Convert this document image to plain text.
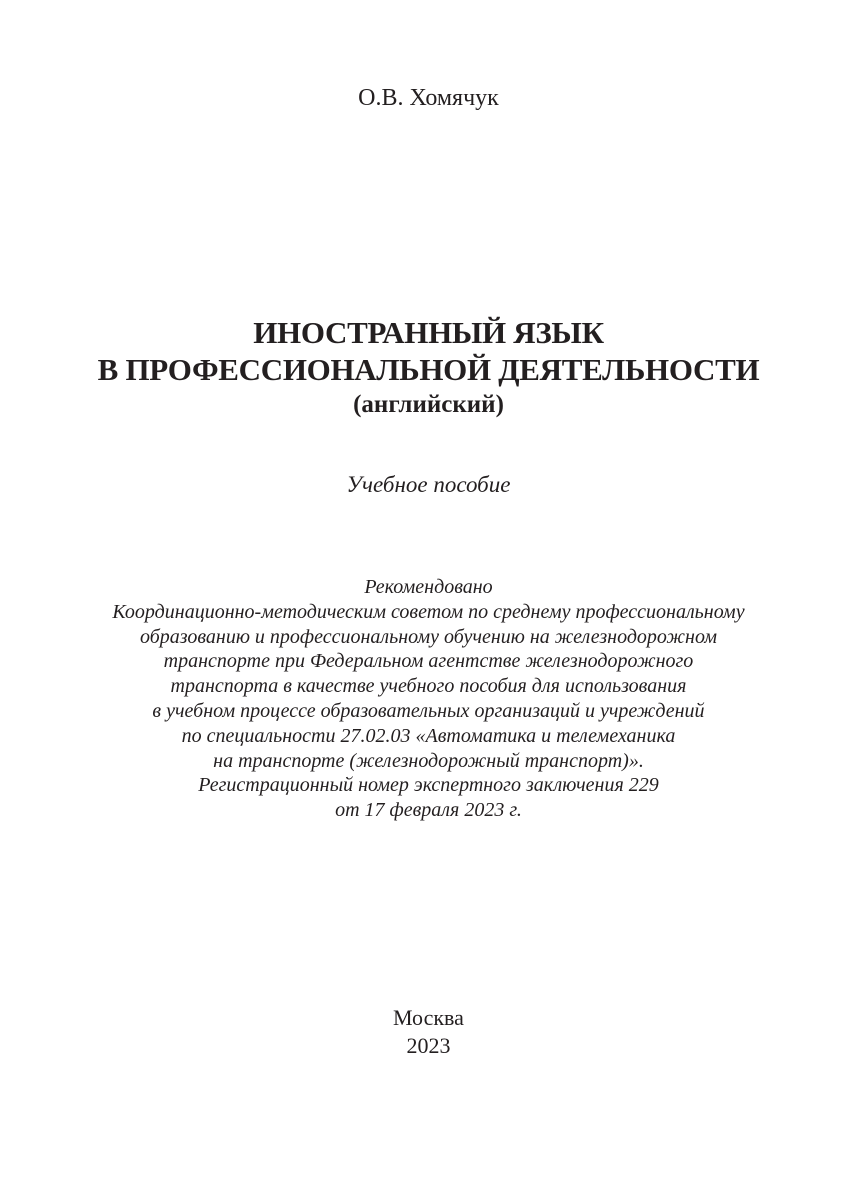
О.В. Хомячук
ИНОСТРАННЫЙ ЯЗЫК
В ПРОФЕССИОНАЛЬНОЙ ДЕЯТЕЛЬНОСТИ
(английский)
Учебное пособие
Рекомендовано
Координационно-методическим советом по среднему профессиональному
образованию и профессиональному обучению на железнодорожном
транспорте при Федеральном агентстве железнодорожного
транспорта в качестве учебного пособия для использования
в учебном процессе образовательных организаций и учреждений
по специальности 27.02.03 «Автоматика и телемеханика
на транспорте (железнодорожный транспорт)».
Регистрационный номер экспертного заключения 229
от 17 февраля 2023 г.
Москва
2023
